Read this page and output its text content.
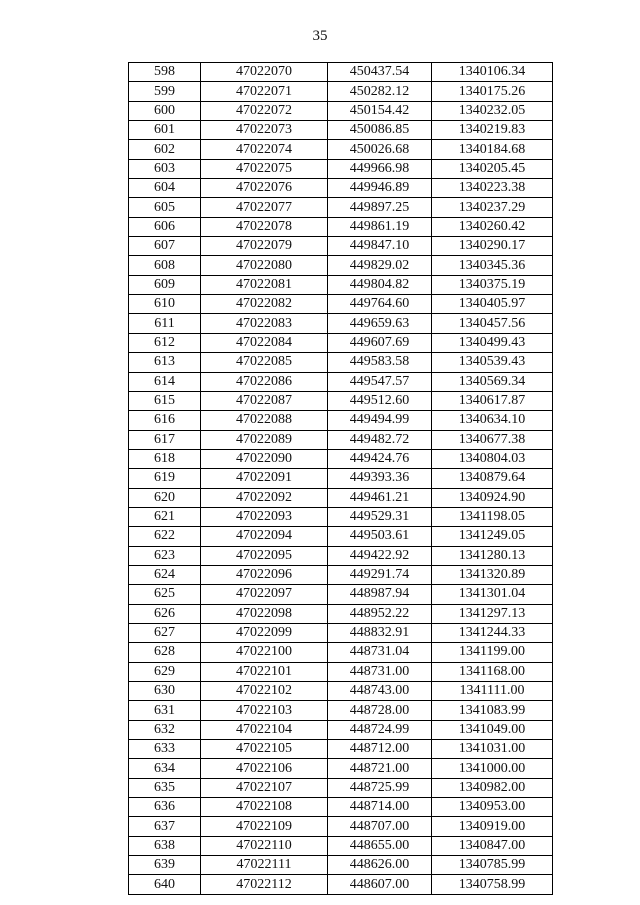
35
598	47022070	450437.54	1340106.34
599	47022071	450282.12	1340175.26
600	47022072	450154.42	1340232.05
601	47022073	450086.85	1340219.83
602	47022074	450026.68	1340184.68
603	47022075	449966.98	1340205.45
604	47022076	449946.89	1340223.38
605	47022077	449897.25	1340237.29
606	47022078	449861.19	1340260.42
607	47022079	449847.10	1340290.17
608	47022080	449829.02	1340345.36
609	47022081	449804.82	1340375.19
610	47022082	449764.60	1340405.97
611	47022083	449659.63	1340457.56
612	47022084	449607.69	1340499.43
613	47022085	449583.58	1340539.43
614	47022086	449547.57	1340569.34
615	47022087	449512.60	1340617.87
616	47022088	449494.99	1340634.10
617	47022089	449482.72	1340677.38
618	47022090	449424.76	1340804.03
619	47022091	449393.36	1340879.64
620	47022092	449461.21	1340924.90
621	47022093	449529.31	1341198.05
622	47022094	449503.61	1341249.05
623	47022095	449422.92	1341280.13
624	47022096	449291.74	1341320.89
625	47022097	448987.94	1341301.04
626	47022098	448952.22	1341297.13
627	47022099	448832.91	1341244.33
628	47022100	448731.04	1341199.00
629	47022101	448731.00	1341168.00
630	47022102	448743.00	1341111.00
631	47022103	448728.00	1341083.99
632	47022104	448724.99	1341049.00
633	47022105	448712.00	1341031.00
634	47022106	448721.00	1341000.00
635	47022107	448725.99	1340982.00
636	47022108	448714.00	1340953.00
637	47022109	448707.00	1340919.00
638	47022110	448655.00	1340847.00
639	47022111	448626.00	1340785.99
640	47022112	448607.00	1340758.99
